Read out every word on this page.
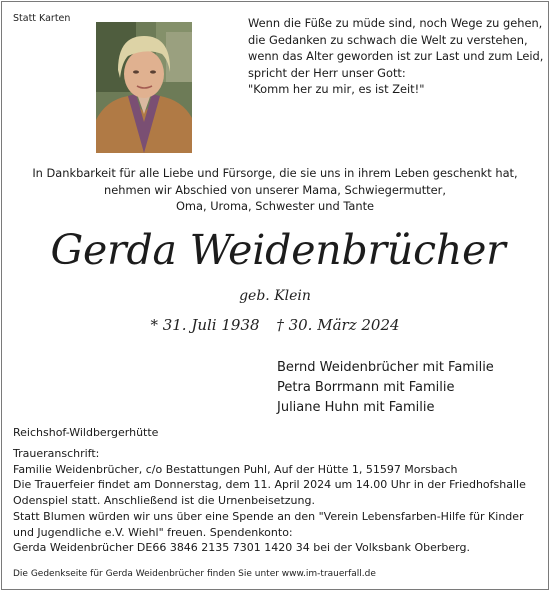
Statt Karten	Wenn die Füße zu müde sind, noch Wege zu gehen,
die Gedanken zu schwach die Welt zu verstehen,
wenn das Alter geworden ist zur Last und zum Leid,
spricht der Herr unser Gott:
"Komm her zu mir, es ist Zeit!"
In Dankbarkeit für alle Liebe und Fürsorge, die sie uns in ihrem Leben geschenkt hat,
nehmen wir Abschied von unserer Mama, Schwiegermutter,
Oma, Uroma, Schwester und Tante
Gerda Weidenbrücher
geb. Klein
* 31. Juli 1938 † 30. März 2024
Bernd Weidenbrücher mit Familie
Petra Borrmann mit Familie
Juliane Huhn mit Familie
Reichshof-Wildbergerhütte
Traueranschrift:
Familie Weidenbrücher, c/o Bestattungen Puhl, Auf der Hütte 1, 51597 Morsbach
Die Trauerfeier findet am Donnerstag, dem 11. April 2024 um 14.00 Uhr in der Friedhofshalle
Odenspiel statt. Anschließend ist die Urnenbeisetzung.
Statt Blumen würden wir uns über eine Spende an den "Verein Lebensfarben-Hilfe für Kinder
und Jugendliche e.V. Wiehl" freuen. Spendenkonto:
Gerda Weidenbrücher DE66 3846 2135 7301 1420 34 bei der Volksbank Oberberg.
Die Gedenkseite für Gerda Weidenbrücher finden Sie unter www.im-trauerfall.de
